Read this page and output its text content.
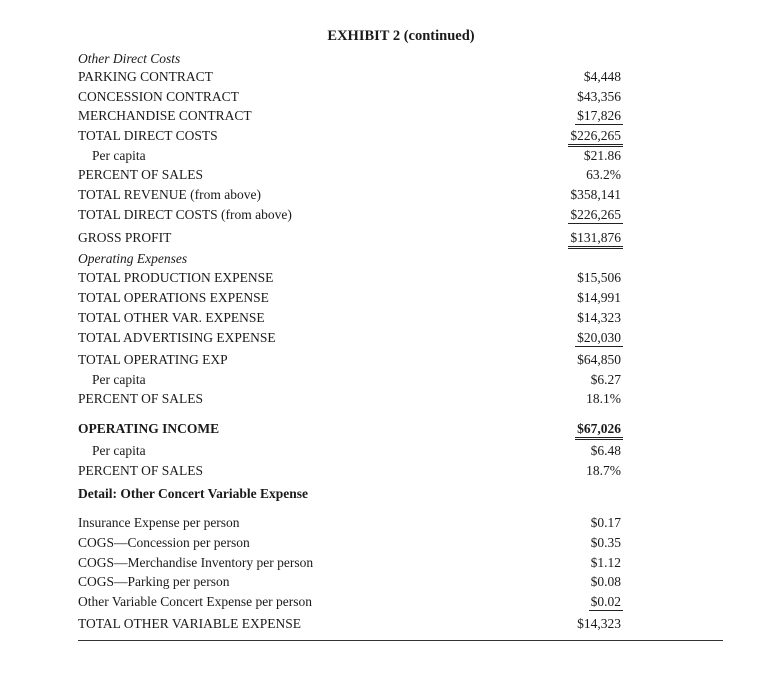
EXHIBIT 2 (continued)
Other Direct Costs
PARKING CONTRACT	$4,448
CONCESSION CONTRACT	$43,356
MERCHANDISE CONTRACT	$17,826
TOTAL DIRECT COSTS	$226,265
Per capita	$21.86
PERCENT OF SALES	63.2%
TOTAL REVENUE (from above)	$358,141
TOTAL DIRECT COSTS (from above)	$226,265
GROSS PROFIT	$131,876
Operating Expenses
TOTAL PRODUCTION EXPENSE	$15,506
TOTAL OPERATIONS EXPENSE	$14,991
TOTAL OTHER VAR. EXPENSE	$14,323
TOTAL ADVERTISING EXPENSE	$20,030
TOTAL OPERATING EXP	$64,850
Per capita	$6.27
PERCENT OF SALES	18.1%
OPERATING INCOME	$67,026
Per capita	$6.48
PERCENT OF SALES	18.7%
Detail: Other Concert Variable Expense
Insurance Expense per person	$0.17
COGS—Concession per person	$0.35
COGS—Merchandise Inventory per person	$1.12
COGS—Parking per person	$0.08
Other Variable Concert Expense per person	$0.02
TOTAL OTHER VARIABLE EXPENSE	$14,323
